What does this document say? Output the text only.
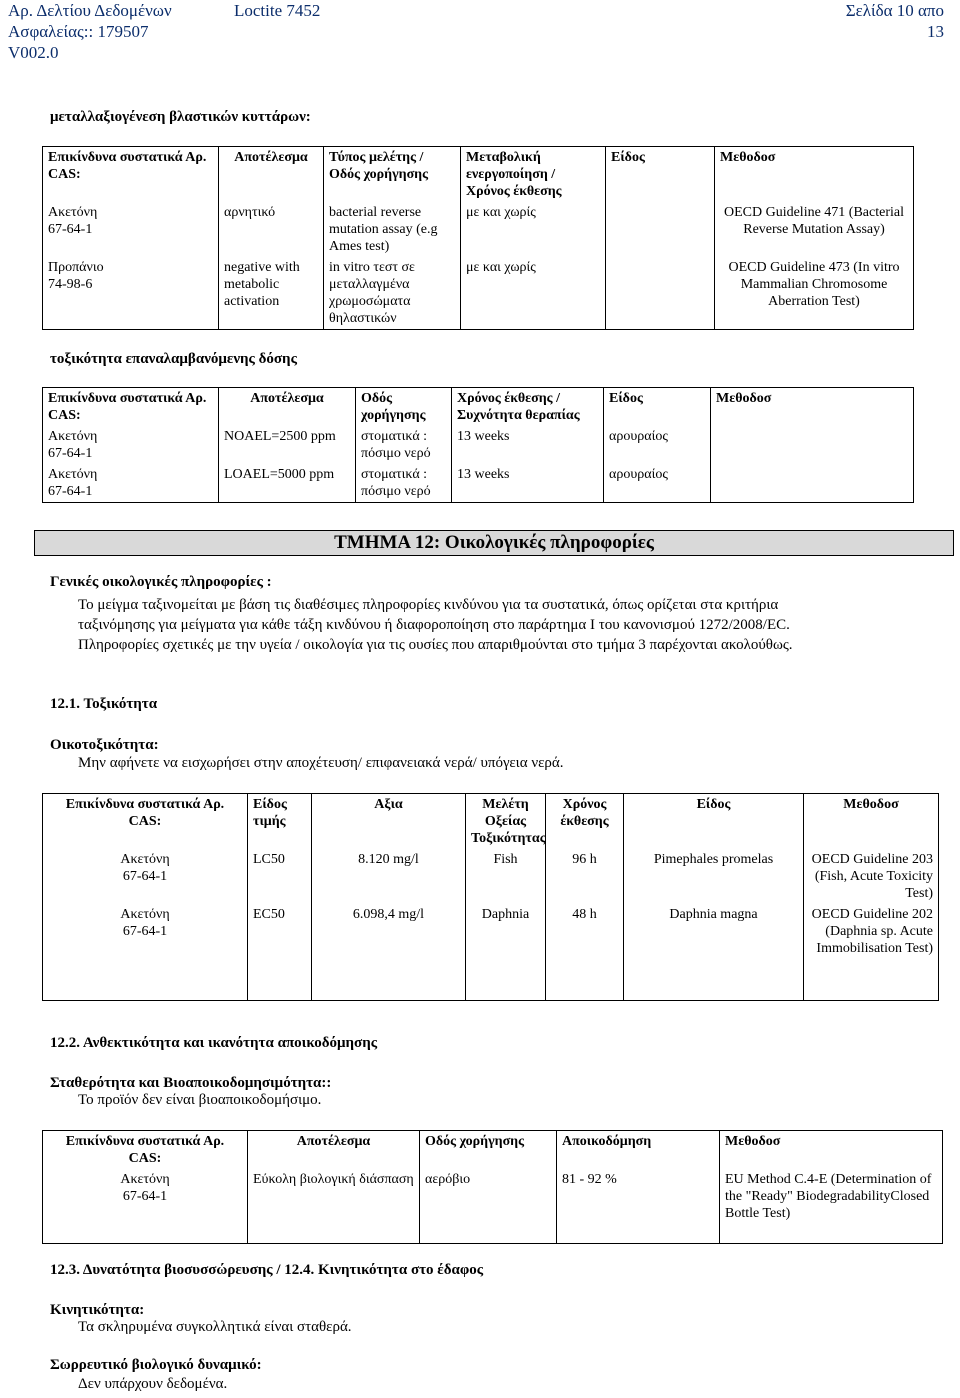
Αρ. Δελτίου Δεδομένων
Ασφαλείας:: 179507
V002.0
Loctite 7452	Σελίδα 10 απο
13
μεταλλαξιογένεση βλαστικών κυττάρων:
Επικίνδυνα συστατικά Αρ. CAS:	Αποτέλεσμα	Τύπος μελέτης / Οδός χορήγησης	Μεταβολική ενεργοποίηση / Χρόνος έκθεσης	Είδος	Μεθοδοσ

Ακετόνη
67-64-1	αρνητικό	bacterial reverse mutation assay (e.g Ames test)	με και χωρίς		OECD Guideline 471 (Bacterial Reverse Mutation Assay)

Προπάνιο
74-98-6	negative with metabolic activation	in vitro τεστ σε μεταλλαγμένα χρωμοσώματα θηλαστικών	με και χωρίς		OECD Guideline 473 (In vitro Mammalian Chromosome Aberration Test)
τοξικότητα επαναλαμβανόμενης δόσης
Επικίνδυνα συστατικά Αρ. CAS:	Αποτέλεσμα	Οδός χορήγησης	Χρόνος έκθεσης / Συχνότητα θεραπίας	Είδος	Μεθοδοσ

Ακετόνη
67-64-1	NOAEL=2500 ppm	στοματικά : πόσιμο νερό	13 weeks	αρουραίος	

Ακετόνη
67-64-1	LOAEL=5000 ppm	στοματικά : πόσιμο νερό	13 weeks	αρουραίος	
ΤΜΗΜΑ 12: Οικολογικές πληροφορίες
Γενικές οικολογικές πληροφορίες :
Το μείγμα ταξινομείται με βάση τις διαθέσιμες πληροφορίες κινδύνου για τα συστατικά, όπως ορίζεται στα κριτήρια
ταξινόμησης για μείγματα για κάθε τάξη κινδύνου ή διαφοροποίηση στο παράρτημα I του κανονισμού 1272/2008/EC.
Πληροφορίες σχετικές με την υγεία / οικολογία για τις ουσίες που απαριθμούνται στο τμήμα 3 παρέχονται ακολούθως.
12.1. Τοξικότητα
Οικοτοξικότητα:
Μην αφήνετε να εισχωρήσει στην αποχέτευση/ επιφανειακά νερά/ υπόγεια νερά.
Επικίνδυνα συστατικά Αρ. CAS:	Είδος τιμής	Αξια	Μελέτη Οξείας Τοξικότητας	Χρόνος έκθεσης	Είδος	Μεθοδοσ

Ακετόνη
67-64-1	LC50	8.120 mg/l	Fish	96 h	Pimephales promelas	OECD Guideline 203 (Fish, Acute Toxicity Test)

Ακετόνη
67-64-1	EC50	6.098,4 mg/l	Daphnia	48 h	Daphnia magna	OECD Guideline 202 (Daphnia sp. Acute Immobilisation Test)
12.2. Ανθεκτικότητα και ικανότητα αποικοδόμησης
Σταθερότητα και Βιοαποικοδομησιμότητα::
Το προϊόν δεν είναι βιοαποικοδομήσιμο.
Επικίνδυνα συστατικά Αρ. CAS:	Αποτέλεσμα	Οδός χορήγησης	Αποικοδόμηση	Μεθοδοσ

Ακετόνη
67-64-1	Εύκολη βιολογική διάσπαση	αερόβιο	81 - 92 %	EU Method C.4-E (Determination of the "Ready" BiodegradabilityClosed Bottle Test)
12.3. Δυνατότητα βιοσυσσώρευσης / 12.4. Κινητικότητα στο έδαφος
Κινητικότητα:
Τα σκληρυμένα συγκολλητικά είναι σταθερά.
Σωρρευτικό βιολογικό δυναμικό:
Δεν υπάρχουν δεδομένα.
